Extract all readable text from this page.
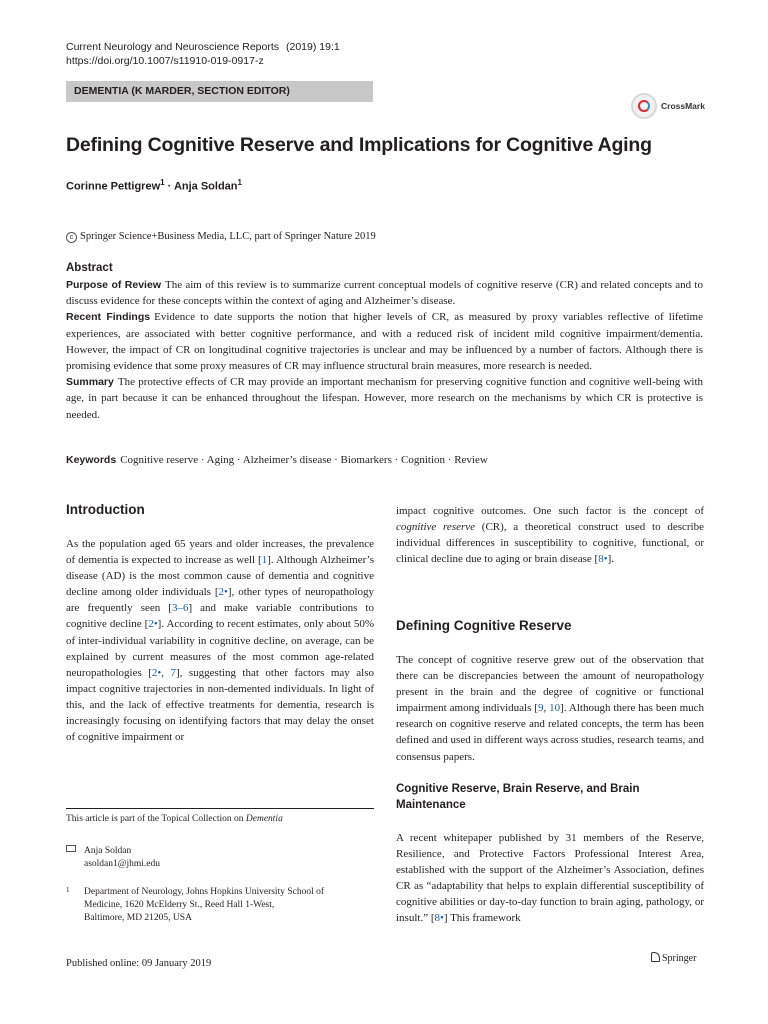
Current Neurology and Neuroscience Reports (2019) 19:1
https://doi.org/10.1007/s11910-019-0917-z
DEMENTIA (K MARDER, SECTION EDITOR)
CrossMark
Defining Cognitive Reserve and Implications for Cognitive Aging
Corinne Pettigrew$^1$ · Anja Soldan$^1$
c Springer Science+Business Media, LLC, part of Springer Nature 2019
Abstract

Purpose of Review The aim of this review is to summarize current conceptual models of cognitive reserve (CR) and related concepts and to discuss evidence for these concepts within the context of aging and Alzheimer’s disease.

Recent Findings Evidence to date supports the notion that higher levels of CR, as measured by proxy variables reflective of lifetime experiences, are associated with better cognitive performance, and with a reduced risk of incident mild cognitive impairment/dementia. However, the impact of CR on longitudinal cognitive trajectories is unclear and may be influenced by a number of factors. Although there is promising evidence that some proxy measures of CR may influence structural brain measures, more research is needed.

Summary The protective effects of CR may provide an important mechanism for preserving cognitive function and cognitive well-being with age, in part because it can be enhanced throughout the lifespan. However, more research on the mechanisms by which CR is protective is needed.

Keywords Cognitive reserve · Aging · Alzheimer’s disease · Biomarkers · Cognition · Review
Introduction

As the population aged 65 years and older increases, the prevalence of dementia is expected to increase as well [1]. Although Alzheimer’s disease (AD) is the most common cause of dementia and cognitive decline among older individuals [2•], other types of neuropathology are frequently seen [3–6] and make variable contributions to cognitive decline [2•]. According to recent estimates, only about 50% of inter-individual variability in cognitive decline, on average, can be explained by current measures of the most common age-related neuropathologies [2•, 7], suggesting that other factors may also impact cognitive trajectories in non-demented individuals. In light of this, and the lack of effective treatments for dementia, research is increasingly focusing on identifying factors that may delay the onset of cognitive impairment or

impact cognitive outcomes. One such factor is the concept of cognitive reserve (CR), a theoretical construct used to describe individual differences in susceptibility to cognitive, functional, or clinical decline due to aging or brain disease [8•].

Defining Cognitive Reserve

The concept of cognitive reserve grew out of the observation that there can be discrepancies between the amount of neuropathology present in the brain and the degree of cognitive or functional impairment among individuals [9, 10]. Although there has been much research on cognitive reserve and related concepts, the term has been defined and used in different ways across studies, research teams, and consensus papers.

Cognitive Reserve, Brain Reserve, and Brain Maintenance

A recent whitepaper published by 31 members of the Reserve, Resilience, and Protective Factors Professional Interest Area, established with the support of the Alzheimer’s Association, defines CR as “adaptability that helps to explain differential susceptibility of cognitive abilities or day-to-day function to brain aging, pathology, or insult.” [8•] This framework

This article is part of the Topical Collection on Dementia
Anja Soldan
asoldan1@jhmi.edu
1 Department of Neurology, Johns Hopkins University School of
Medicine, 1620 McElderry St., Reed Hall 1-West,
Baltimore, MD 21205, USA
Published online: 09 January 2019	Springer
